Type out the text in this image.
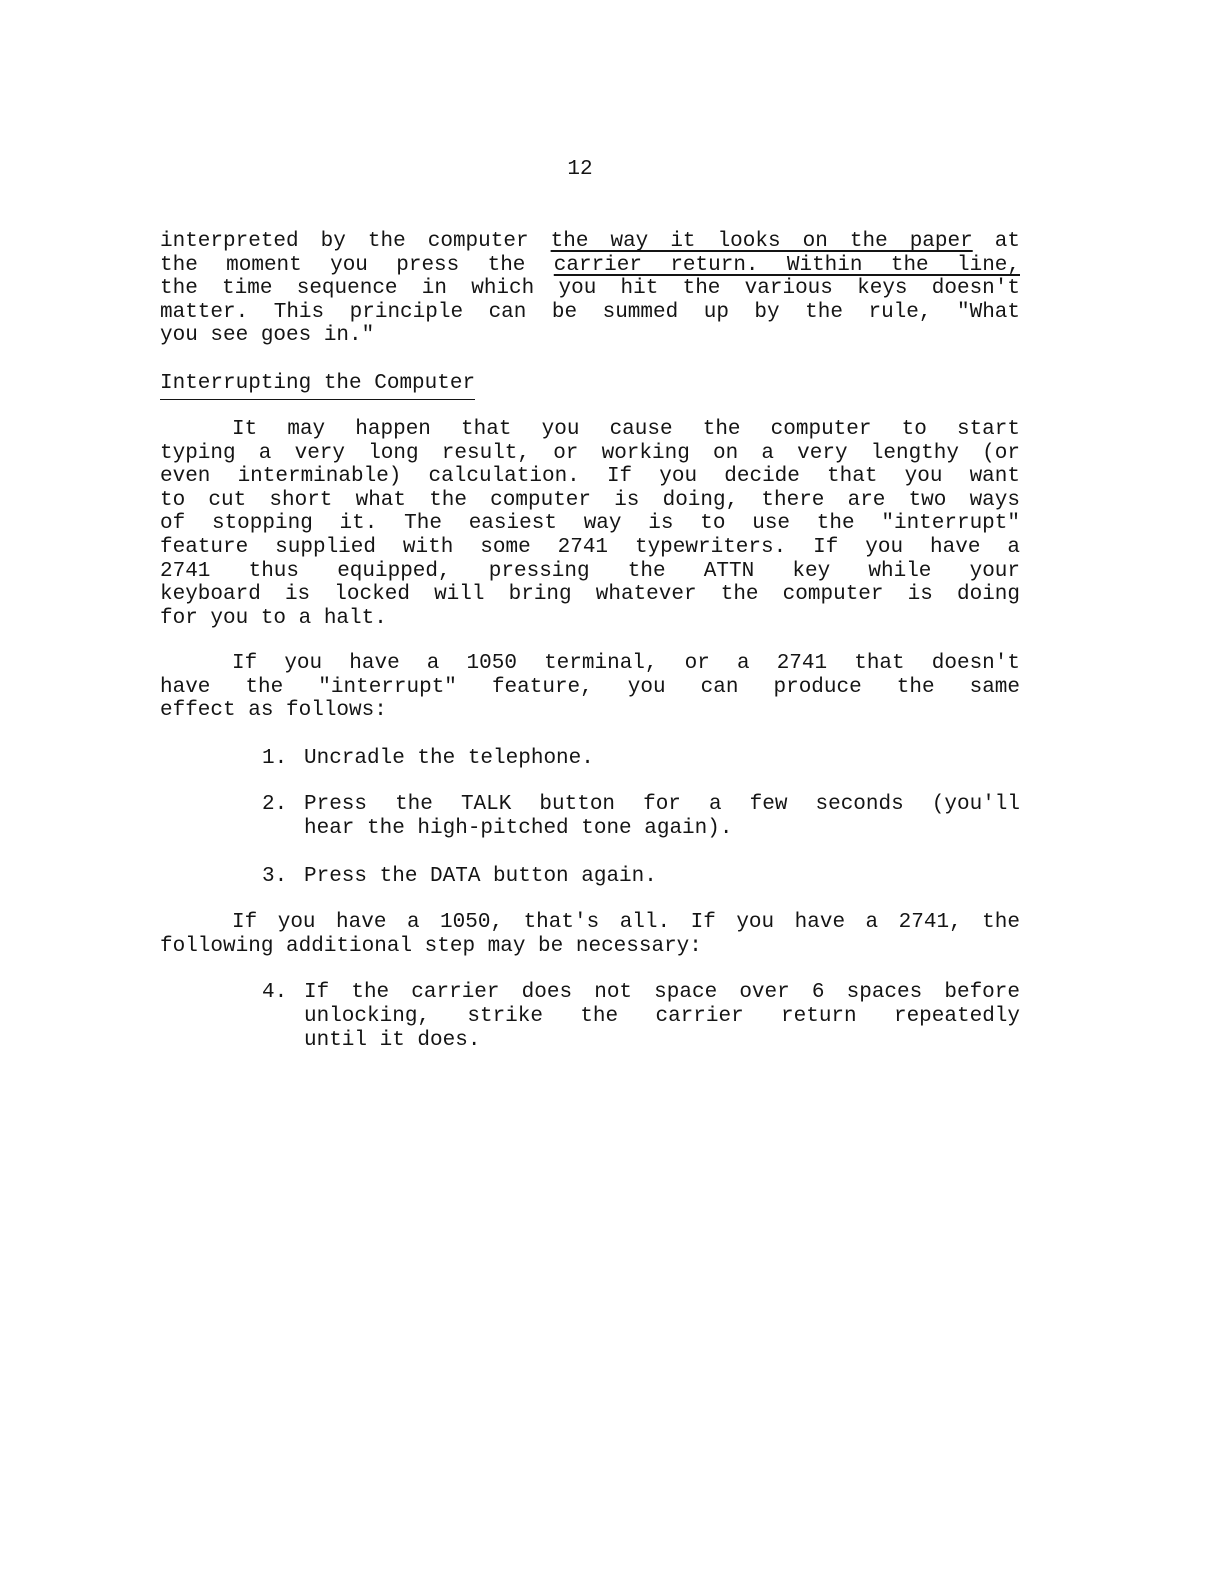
12
interpreted by the computer the way it looks on the paper at
the moment you press the carrier return. Within the line,
the time sequence in which you hit the various keys doesn't
matter. This principle can be summed up by the rule, "What
you see goes in."
Interrupting the Computer
It may happen that you cause the computer to start
typing a very long result, or working on a very lengthy (or
even interminable) calculation. If you decide that you want
to cut short what the computer is doing, there are two ways
of stopping it. The easiest way is to use the "interrupt"
feature supplied with some 2741 typewriters. If you have a
2741 thus equipped, pressing the ATTN key while your
keyboard is locked will bring whatever the computer is doing
for you to a halt.
If you have a 1050 terminal, or a 2741 that doesn't
have the "interrupt" feature, you can produce the same
effect as follows:
1. Uncradle the telephone.
2. Press the TALK button for a few seconds (you'll
hear the high-pitched tone again).
3. Press the DATA button again.
If you have a 1050, that's all. If you have a 2741, the
following additional step may be necessary:
4. If the carrier does not space over 6 spaces before
unlocking, strike the carrier return repeatedly
until it does.
